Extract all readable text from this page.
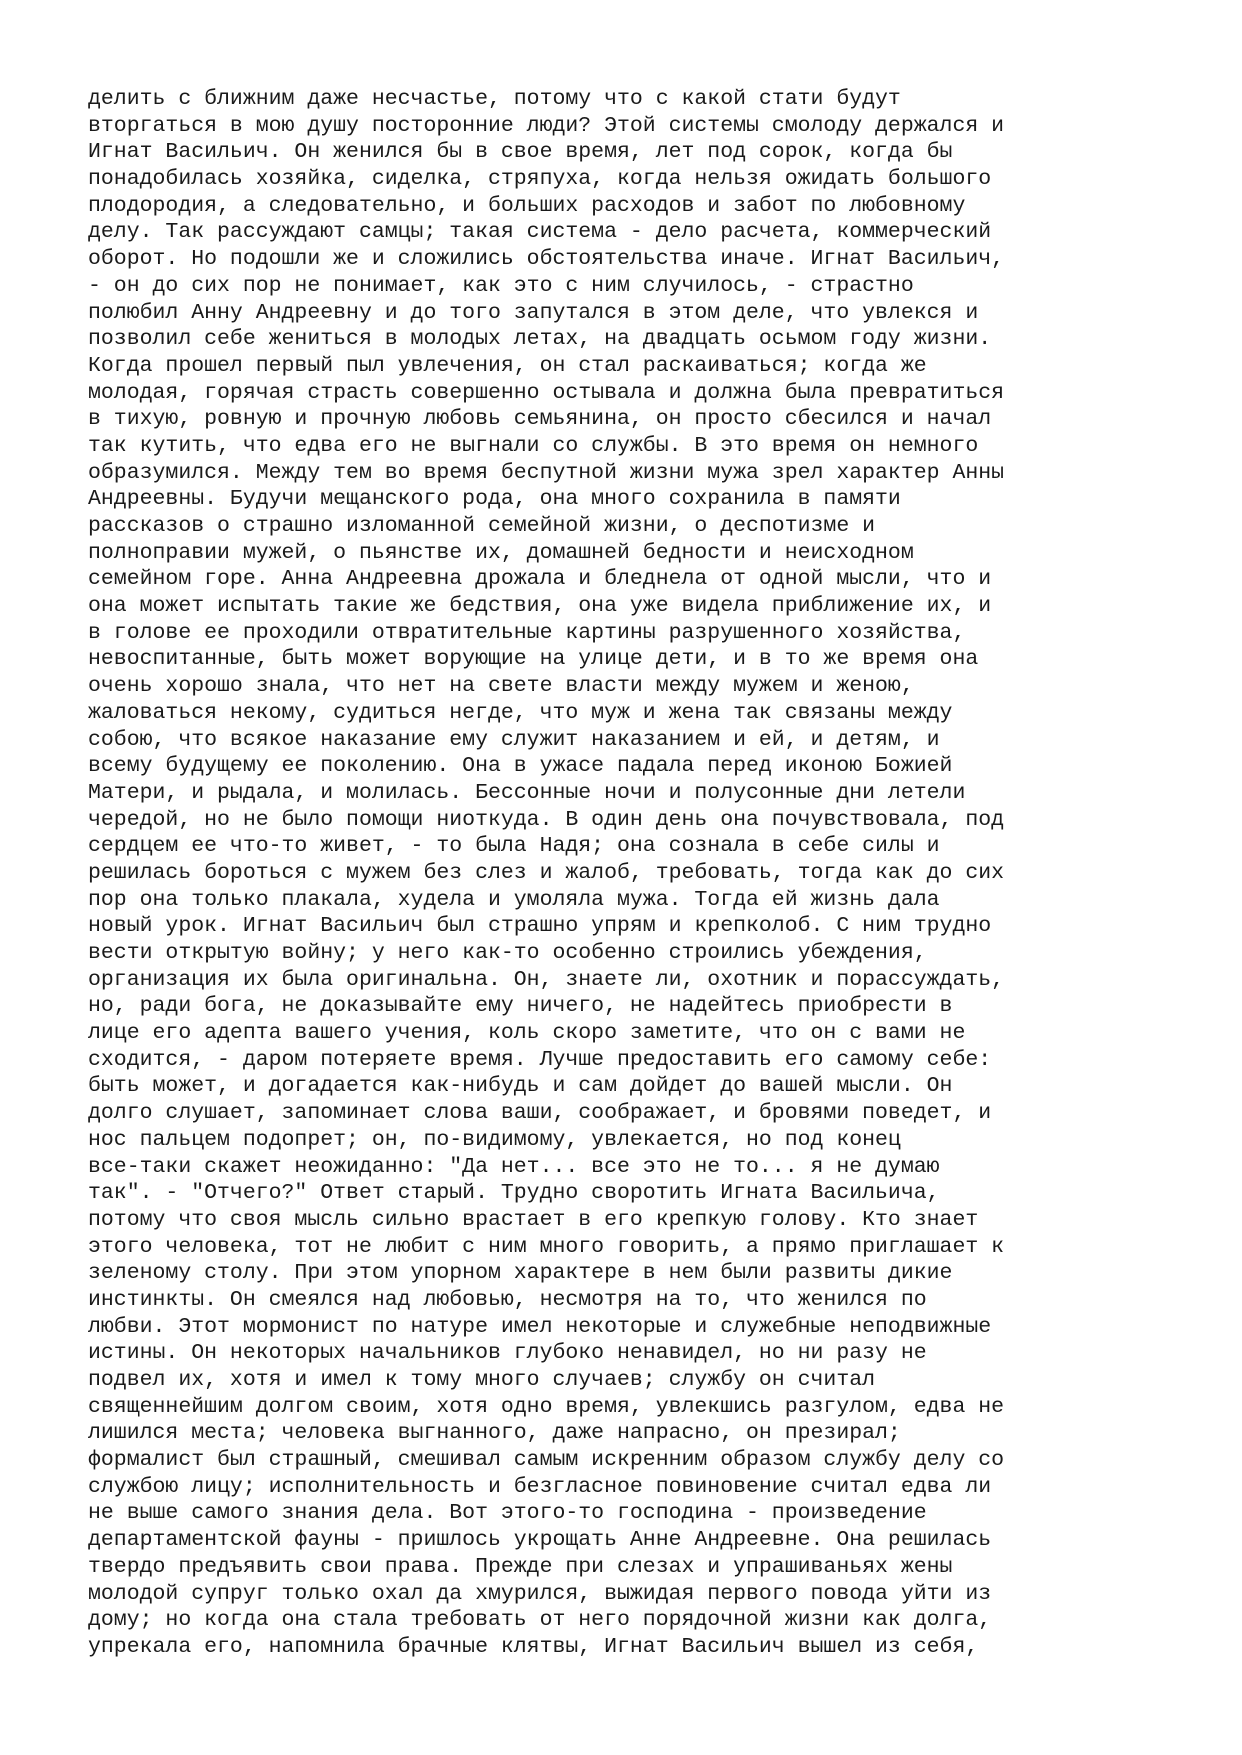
делить с ближним даже несчастье, потому что с какой стати будут
вторгаться в мою душу посторонние люди? Этой системы смолоду держался и
Игнат Васильич. Он женился бы в свое время, лет под сорок, когда бы
понадобилась хозяйка, сиделка, стряпуха, когда нельзя ожидать большого
плодородия, а следовательно, и больших расходов и забот по любовному
делу. Так рассуждают самцы; такая система - дело расчета, коммерческий
оборот. Но подошли же и сложились обстоятельства иначе. Игнат Васильич,
- он до сих пор не понимает, как это с ним случилось, - страстно
полюбил Анну Андреевну и до того запутался в этом деле, что увлекся и
позволил себе жениться в молодых летах, на двадцать осьмом году жизни.
Когда прошел первый пыл увлечения, он стал раскаиваться; когда же
молодая, горячая страсть совершенно остывала и должна была превратиться
в тихую, ровную и прочную любовь семьянина, он просто сбесился и начал
так кутить, что едва его не выгнали со службы. В это время он немного
образумился. Между тем во время беспутной жизни мужа зрел характер Анны
Андреевны. Будучи мещанского рода, она много сохранила в памяти
рассказов о страшно изломанной семейной жизни, о деспотизме и
полноправии мужей, о пьянстве их, домашней бедности и неисходном
семейном горе. Анна Андреевна дрожала и бледнела от одной мысли, что и
она может испытать такие же бедствия, она уже видела приближение их, и
в голове ее проходили отвратительные картины разрушенного хозяйства,
невоспитанные, быть может ворующие на улице дети, и в то же время она
очень хорошо знала, что нет на свете власти между мужем и женою,
жаловаться некому, судиться негде, что муж и жена так связаны между
собою, что всякое наказание ему служит наказанием и ей, и детям, и
всему будущему ее поколению. Она в ужасе падала перед иконою Божией
Матери, и рыдала, и молилась. Бессонные ночи и полусонные дни летели
чередой, но не было помощи ниоткуда. В один день она почувствовала, под
сердцем ее что-то живет, - то была Надя; она сознала в себе силы и
решилась бороться с мужем без слез и жалоб, требовать, тогда как до сих
пор она только плакала, худела и умоляла мужа. Тогда ей жизнь дала
новый урок. Игнат Васильич был страшно упрям и крепколоб. С ним трудно
вести открытую войну; у него как-то особенно строились убеждения,
организация их была оригинальна. Он, знаете ли, охотник и порассуждать,
но, ради бога, не доказывайте ему ничего, не надейтесь приобрести в
лице его адепта вашего учения, коль скоро заметите, что он с вами не
сходится, - даром потеряете время. Лучше предоставить его самому себе:
быть может, и догадается как-нибудь и сам дойдет до вашей мысли. Он
долго слушает, запоминает слова ваши, соображает, и бровями поведет, и
нос пальцем подопрет; он, по-видимому, увлекается, но под конец
все-таки скажет неожиданно: "Да нет... все это не то... я не думаю
так". - "Отчего?" Ответ старый. Трудно своротить Игната Васильича,
потому что своя мысль сильно врастает в его крепкую голову. Кто знает
этого человека, тот не любит с ним много говорить, а прямо приглашает к
зеленому столу. При этом упорном характере в нем были развиты дикие
инстинкты. Он смеялся над любовью, несмотря на то, что женился по
любви. Этот мормонист по натуре имел некоторые и служебные неподвижные
истины. Он некоторых начальников глубоко ненавидел, но ни разу не
подвел их, хотя и имел к тому много случаев; службу он считал
священнейшим долгом своим, хотя одно время, увлекшись разгулом, едва не
лишился места; человека выгнанного, даже напрасно, он презирал;
формалист был страшный, смешивал самым искренним образом службу делу со
службою лицу; исполнительность и безгласное повиновение считал едва ли
не выше самого знания дела. Вот этого-то господина - произведение
департаментской фауны - пришлось укрощать Анне Андреевне. Она решилась
твердо предъявить свои права. Прежде при слезах и упрашиваньях жены
молодой супруг только охал да хмурился, выжидая первого повода уйти из
дому; но когда она стала требовать от него порядочной жизни как долга,
упрекала его, напомнила брачные клятвы, Игнат Васильич вышел из себя,
